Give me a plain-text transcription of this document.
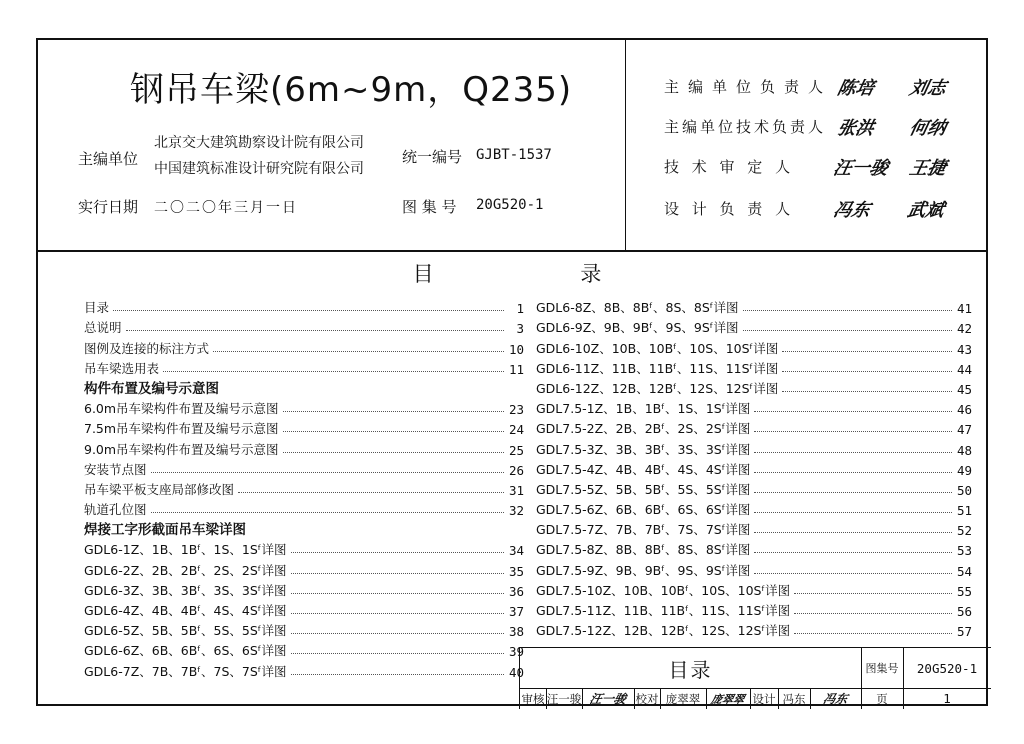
钢吊车梁(6m~9m，Q235)
主编单位
北京交大建筑勘察设计院有限公司
中国建筑标准设计研究院有限公司
统一编号 GJBT-1537
实行日期 二〇二〇年三月一日	图 集 号 20G520-1
主编单位负责人 陈培 刘志
主编单位技术负责人 张洪 何纳
技 术 审 定 人 汪一骏 王捷
设 计 负 责 人 冯东 武斌
目 录
目录	1
总说明	3
图例及连接的标注方式	10
吊车梁选用表	11
构件布置及编号示意图
6.0m吊车梁构件布置及编号示意图	23
7.5m吊车梁构件布置及编号示意图	24
9.0m吊车梁构件布置及编号示意图	25
安装节点图	26
吊车梁平板支座局部修改图	31
轨道孔位图	32
焊接工字形截面吊车梁详图
GDL6-1Z、1B、1Bᶠ、1S、1Sᶠ详图	34
GDL6-2Z、2B、2Bᶠ、2S、2Sᶠ详图	35
GDL6-3Z、3B、3Bᶠ、3S、3Sᶠ详图	36
GDL6-4Z、4B、4Bᶠ、4S、4Sᶠ详图	37
GDL6-5Z、5B、5Bᶠ、5S、5Sᶠ详图	38
GDL6-6Z、6B、6Bᶠ、6S、6Sᶠ详图	39
GDL6-7Z、7B、7Bᶠ、7S、7Sᶠ详图	40
GDL6-8Z、8B、8Bᶠ、8S、8Sᶠ详图	41
GDL6-9Z、9B、9Bᶠ、9S、9Sᶠ详图	42
GDL6-10Z、10B、10Bᶠ、10S、10Sᶠ详图	43
GDL6-11Z、11B、11Bᶠ、11S、11Sᶠ详图	44
GDL6-12Z、12B、12Bᶠ、12S、12Sᶠ详图	45
GDL7.5-1Z、1B、1Bᶠ、1S、1Sᶠ详图	46
GDL7.5-2Z、2B、2Bᶠ、2S、2Sᶠ详图	47
GDL7.5-3Z、3B、3Bᶠ、3S、3Sᶠ详图	48
GDL7.5-4Z、4B、4Bᶠ、4S、4Sᶠ详图	49
GDL7.5-5Z、5B、5Bᶠ、5S、5Sᶠ详图	50
GDL7.5-6Z、6B、6Bᶠ、6S、6Sᶠ详图	51
GDL7.5-7Z、7B、7Bᶠ、7S、7Sᶠ详图	52
GDL7.5-8Z、8B、8Bᶠ、8S、8Sᶠ详图	53
GDL7.5-9Z、9B、9Bᶠ、9S、9Sᶠ详图	54
GDL7.5-10Z、10B、10Bᶠ、10S、10Sᶠ详图	55
GDL7.5-11Z、11B、11Bᶠ、11S、11Sᶠ详图	56
GDL7.5-12Z、12B、12Bᶠ、12S、12Sᶠ详图	57
目录	图集号	20G520-1
审核 汪一骏 汪一骏 校对 庞翠翠 庞翠翠 设计 冯东	冯东	页	1
